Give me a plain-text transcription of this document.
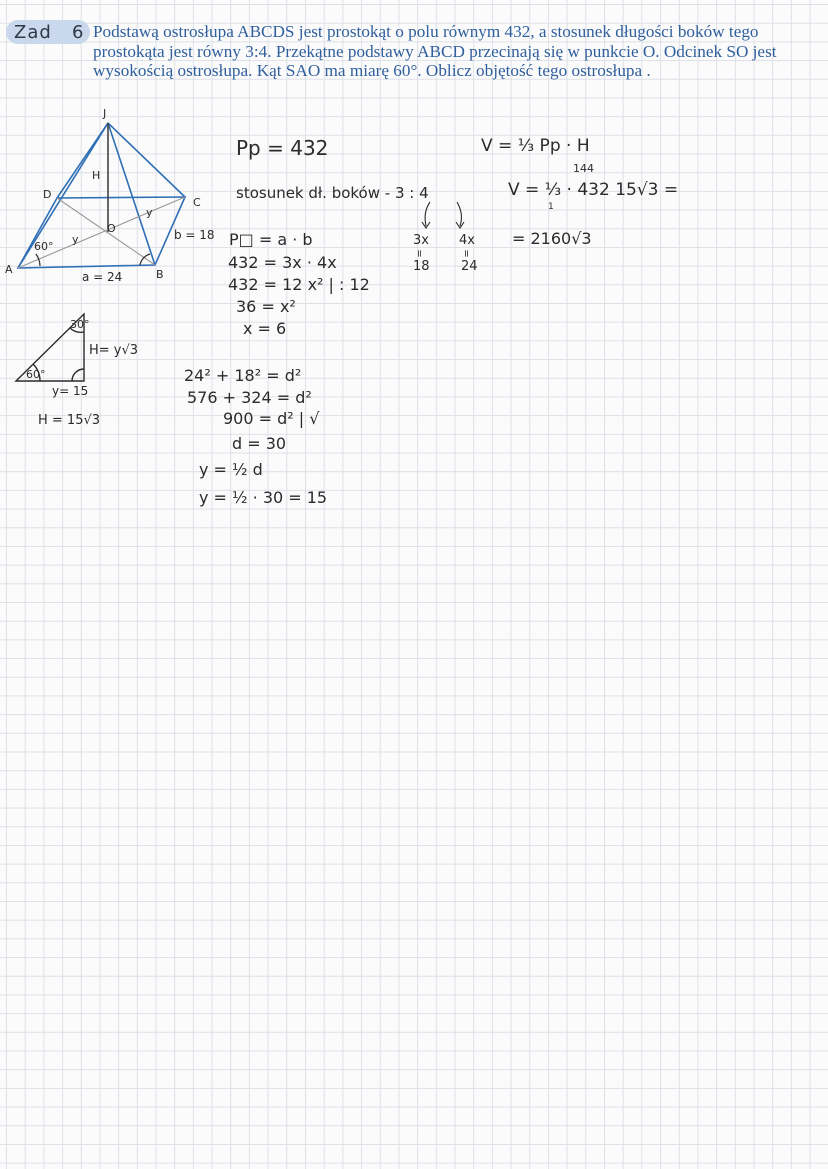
Zad   6 Podstawą ostrosłupa ABCDS jest prostokąt o polu równym 432, a stosunek długości boków tego prostokąta jest równy 3:4. Przekątne podstawy ABCD przecinają się w punkcie O. Odcinek SO jest wysokością ostrosłupa. Kąt SAO ma miarę 60°. Oblicz objętość tego ostrosłupa .

J
A	B
C
D
O
H
y
y
60°
b = 18
a = 24
30°
60°
H= y√3
y= 15
H = 15√3

Pp = 432

stosunek dł. boków - 3 : 4

3x 4x

=	=

18 24

P□ = a · b

432 = 3x · 4x

432 = 12 x² | : 12

36 = x²

x = 6

24² + 18² = d²

576 + 324 = d²

900 = d² | √

d = 30

y = ½ d

y = ½ · 30 = 15

V = ⅓ Pp · H

144

1

V = ⅓ · 432 15√3 =

= 2160√3
